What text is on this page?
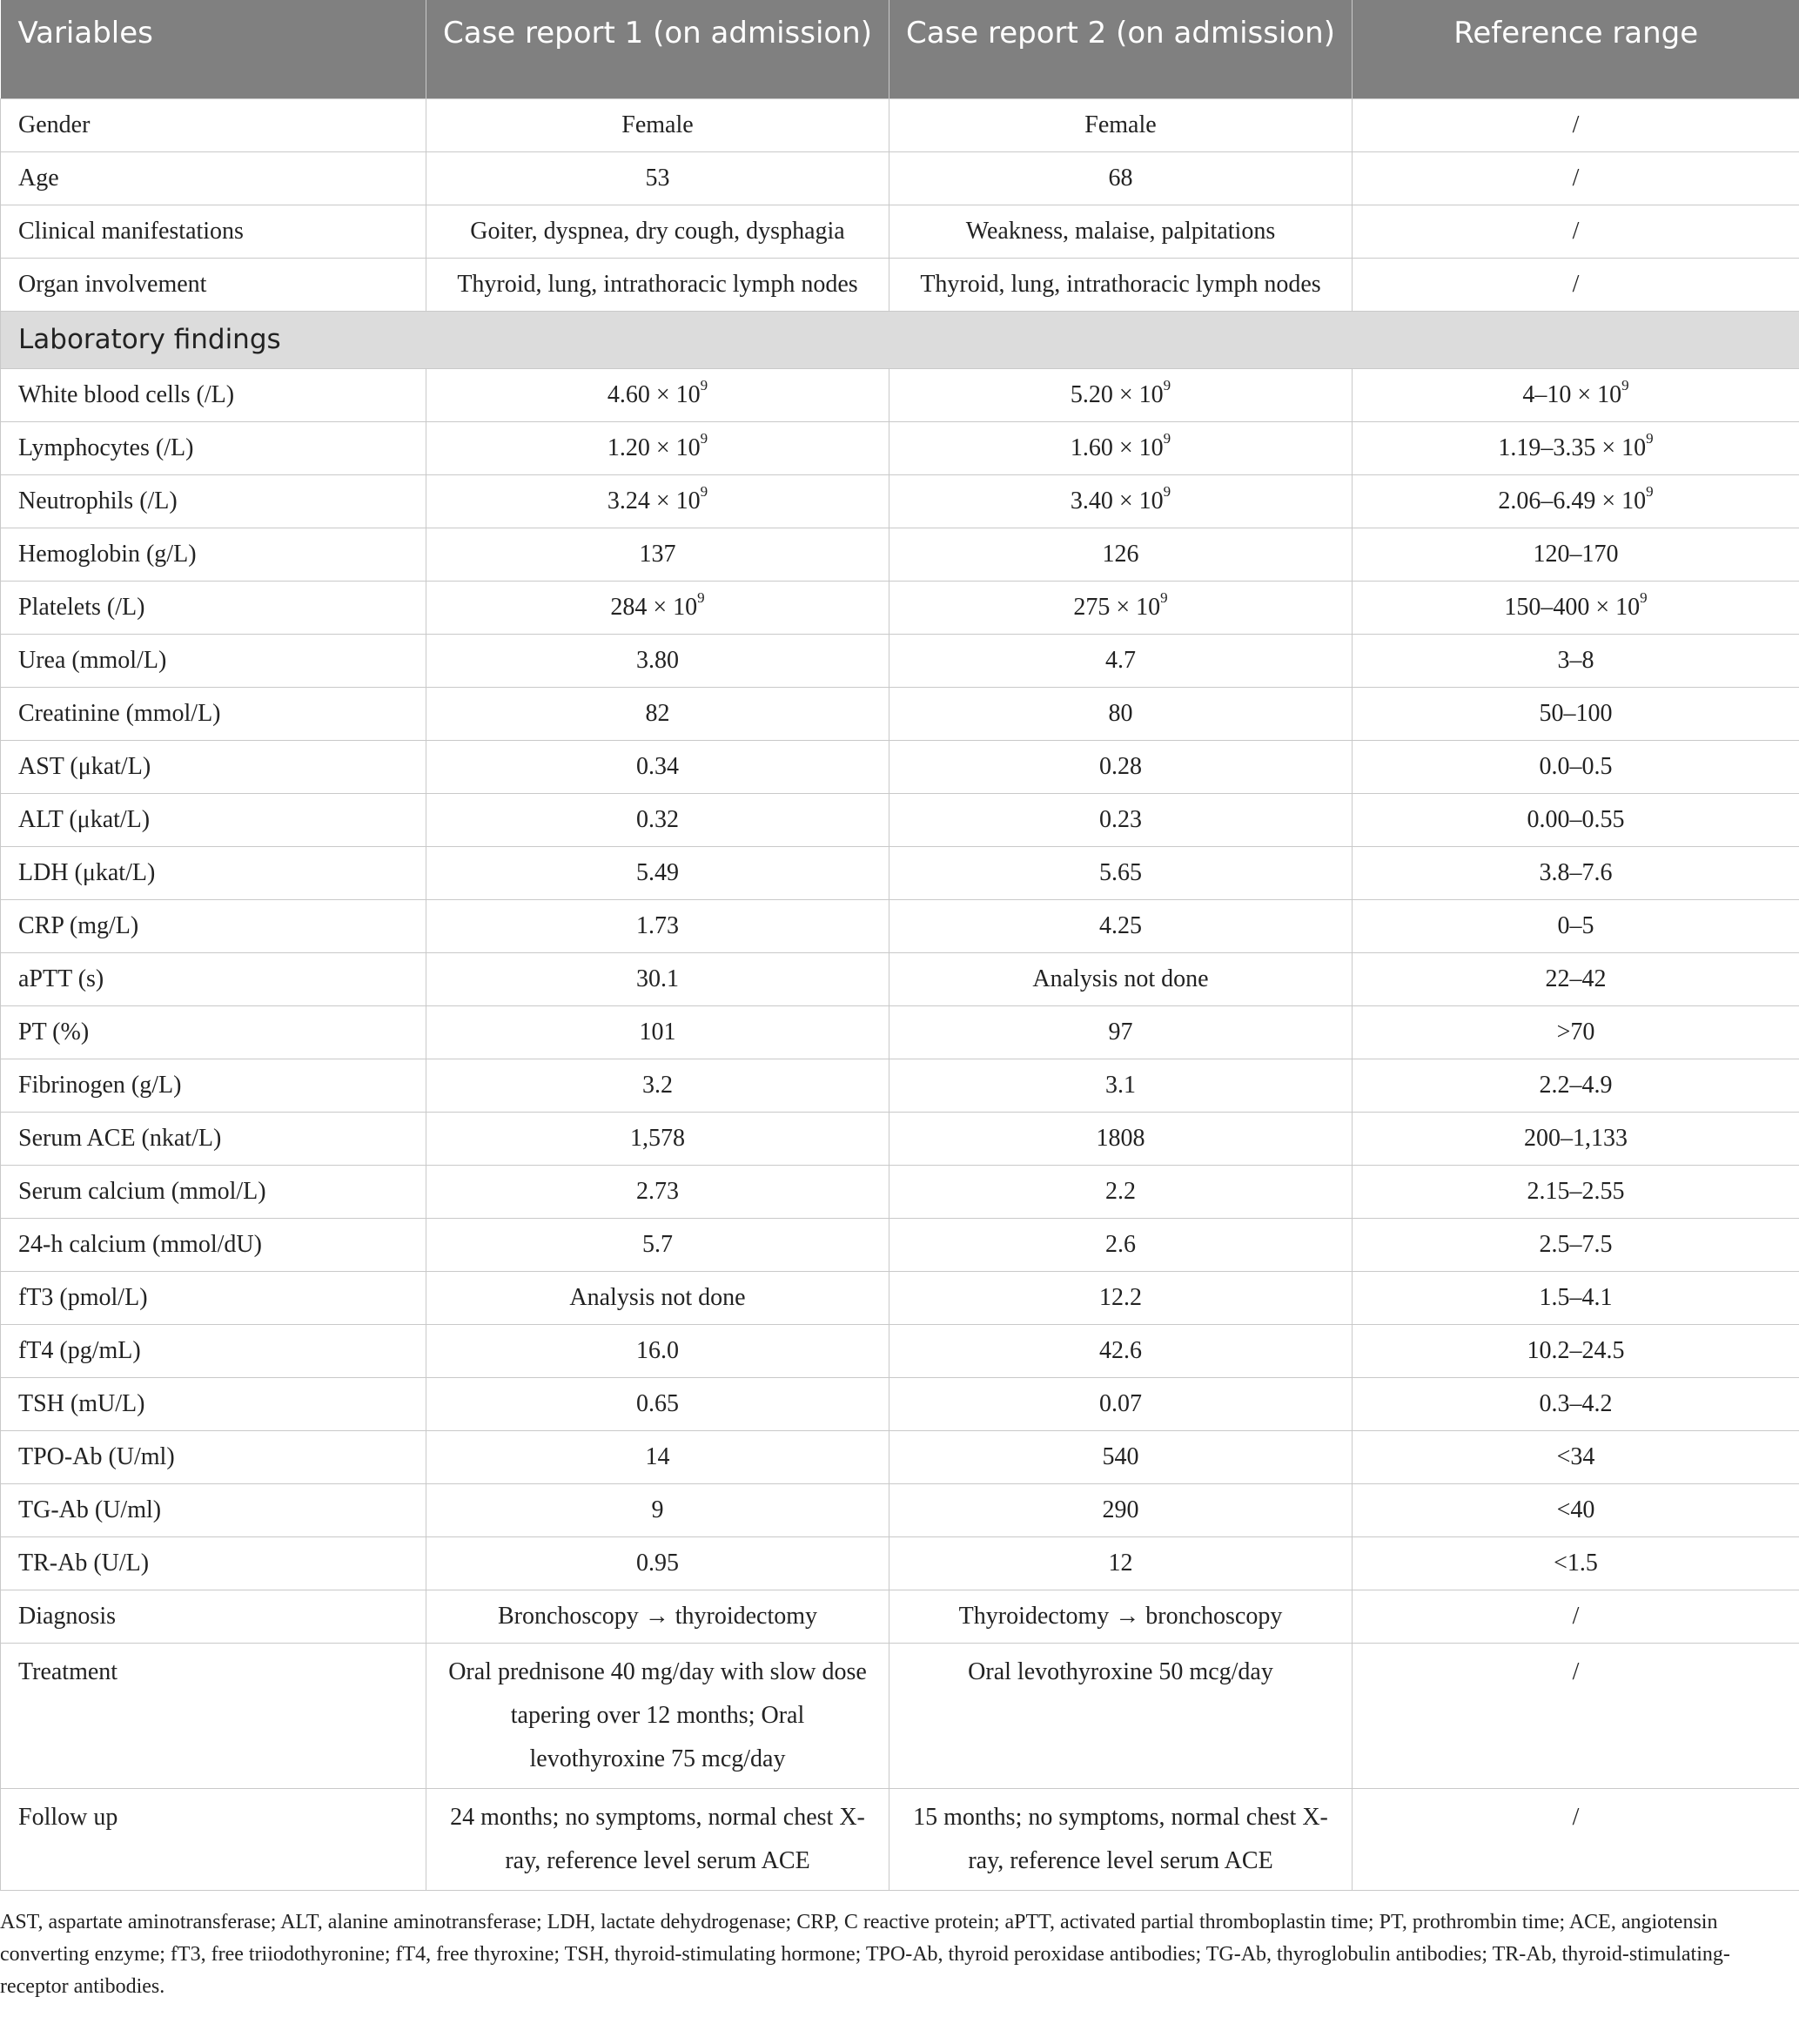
Variables	Case report 1 (on admission)	Case report 2 (on admission)	Reference range
Gender	Female	Female	/
Age	53	68	/
Clinical manifestations	Goiter, dyspnea, dry cough, dysphagia	Weakness, malaise, palpitations	/
Organ involvement	Thyroid, lung, intrathoracic lymph nodes	Thyroid, lung, intrathoracic lymph nodes	/
Laboratory findings			
White blood cells (/L)	$4.60 \times 10^9$	$5.20 \times 10^9$	$4-10 \times 10^9$
Lymphocytes (/L)	$1.20 \times 10^9$	$1.60 \times 10^9$	$1.19-3.35 \times 10^9$
Neutrophils (/L)	$3.24 \times 10^9$	$3.40 \times 10^9$	$2.06-6.49 \times 10^9$
Hemoglobin (g/L)	137	126	120–170
Platelets (/L)	$284 \times 10^9$	$275 \times 10^9$	$150-400 \times 10^9$
Urea (mmol/L)	3.80	4.7	3–8
Creatinine (mmol/L)	82	80	50–100
AST (μkat/L)	0.34	0.28	0.0–0.5
ALT (μkat/L)	0.32	0.23	0.00–0.55
LDH (μkat/L)	5.49	5.65	3.8–7.6
CRP (mg/L)	1.73	4.25	0–5
aPTT (s)	30.1	Analysis not done	22–42
PT (%)	101	97	>70
Fibrinogen (g/L)	3.2	3.1	2.2–4.9
Serum ACE (nkat/L)	1,578	1808	200–1,133
Serum calcium (mmol/L)	2.73	2.2	2.15–2.55
24-h calcium (mmol/dU)	5.7	2.6	2.5–7.5
fT3 (pmol/L)	Analysis not done	12.2	1.5–4.1
fT4 (pg/mL)	16.0	42.6	10.2–24.5
TSH (mU/L)	0.65	0.07	0.3–4.2
TPO-Ab (U/ml)	14	540	<34
TG-Ab (U/ml)	9	290	<40
TR-Ab (U/L)	0.95	12	<1.5
Diagnosis	Bronchoscopy → thyroidectomy	Thyroidectomy → bronchoscopy	/
Treatment	Oral prednisone 40 mg/day with slow dose tapering over 12 months; Oral levothyroxine 75 mcg/day	Oral levothyroxine 50 mcg/day	/
Follow up	24 months; no symptoms, normal chest X-ray, reference level serum ACE	15 months; no symptoms, normal chest X-ray, reference level serum ACE	/
AST, aspartate aminotransferase; ALT, alanine aminotransferase; LDH, lactate dehydrogenase; CRP, C reactive protein; aPTT, activated partial thromboplastin time; PT, prothrombin time; ACE, angiotensin converting enzyme; fT3, free triiodothyronine; fT4, free thyroxine; TSH, thyroid-stimulating hormone; TPO-Ab, thyroid peroxidase antibodies; TG-Ab, thyroglobulin antibodies; TR-Ab, thyroid-stimulating-receptor antibodies.
